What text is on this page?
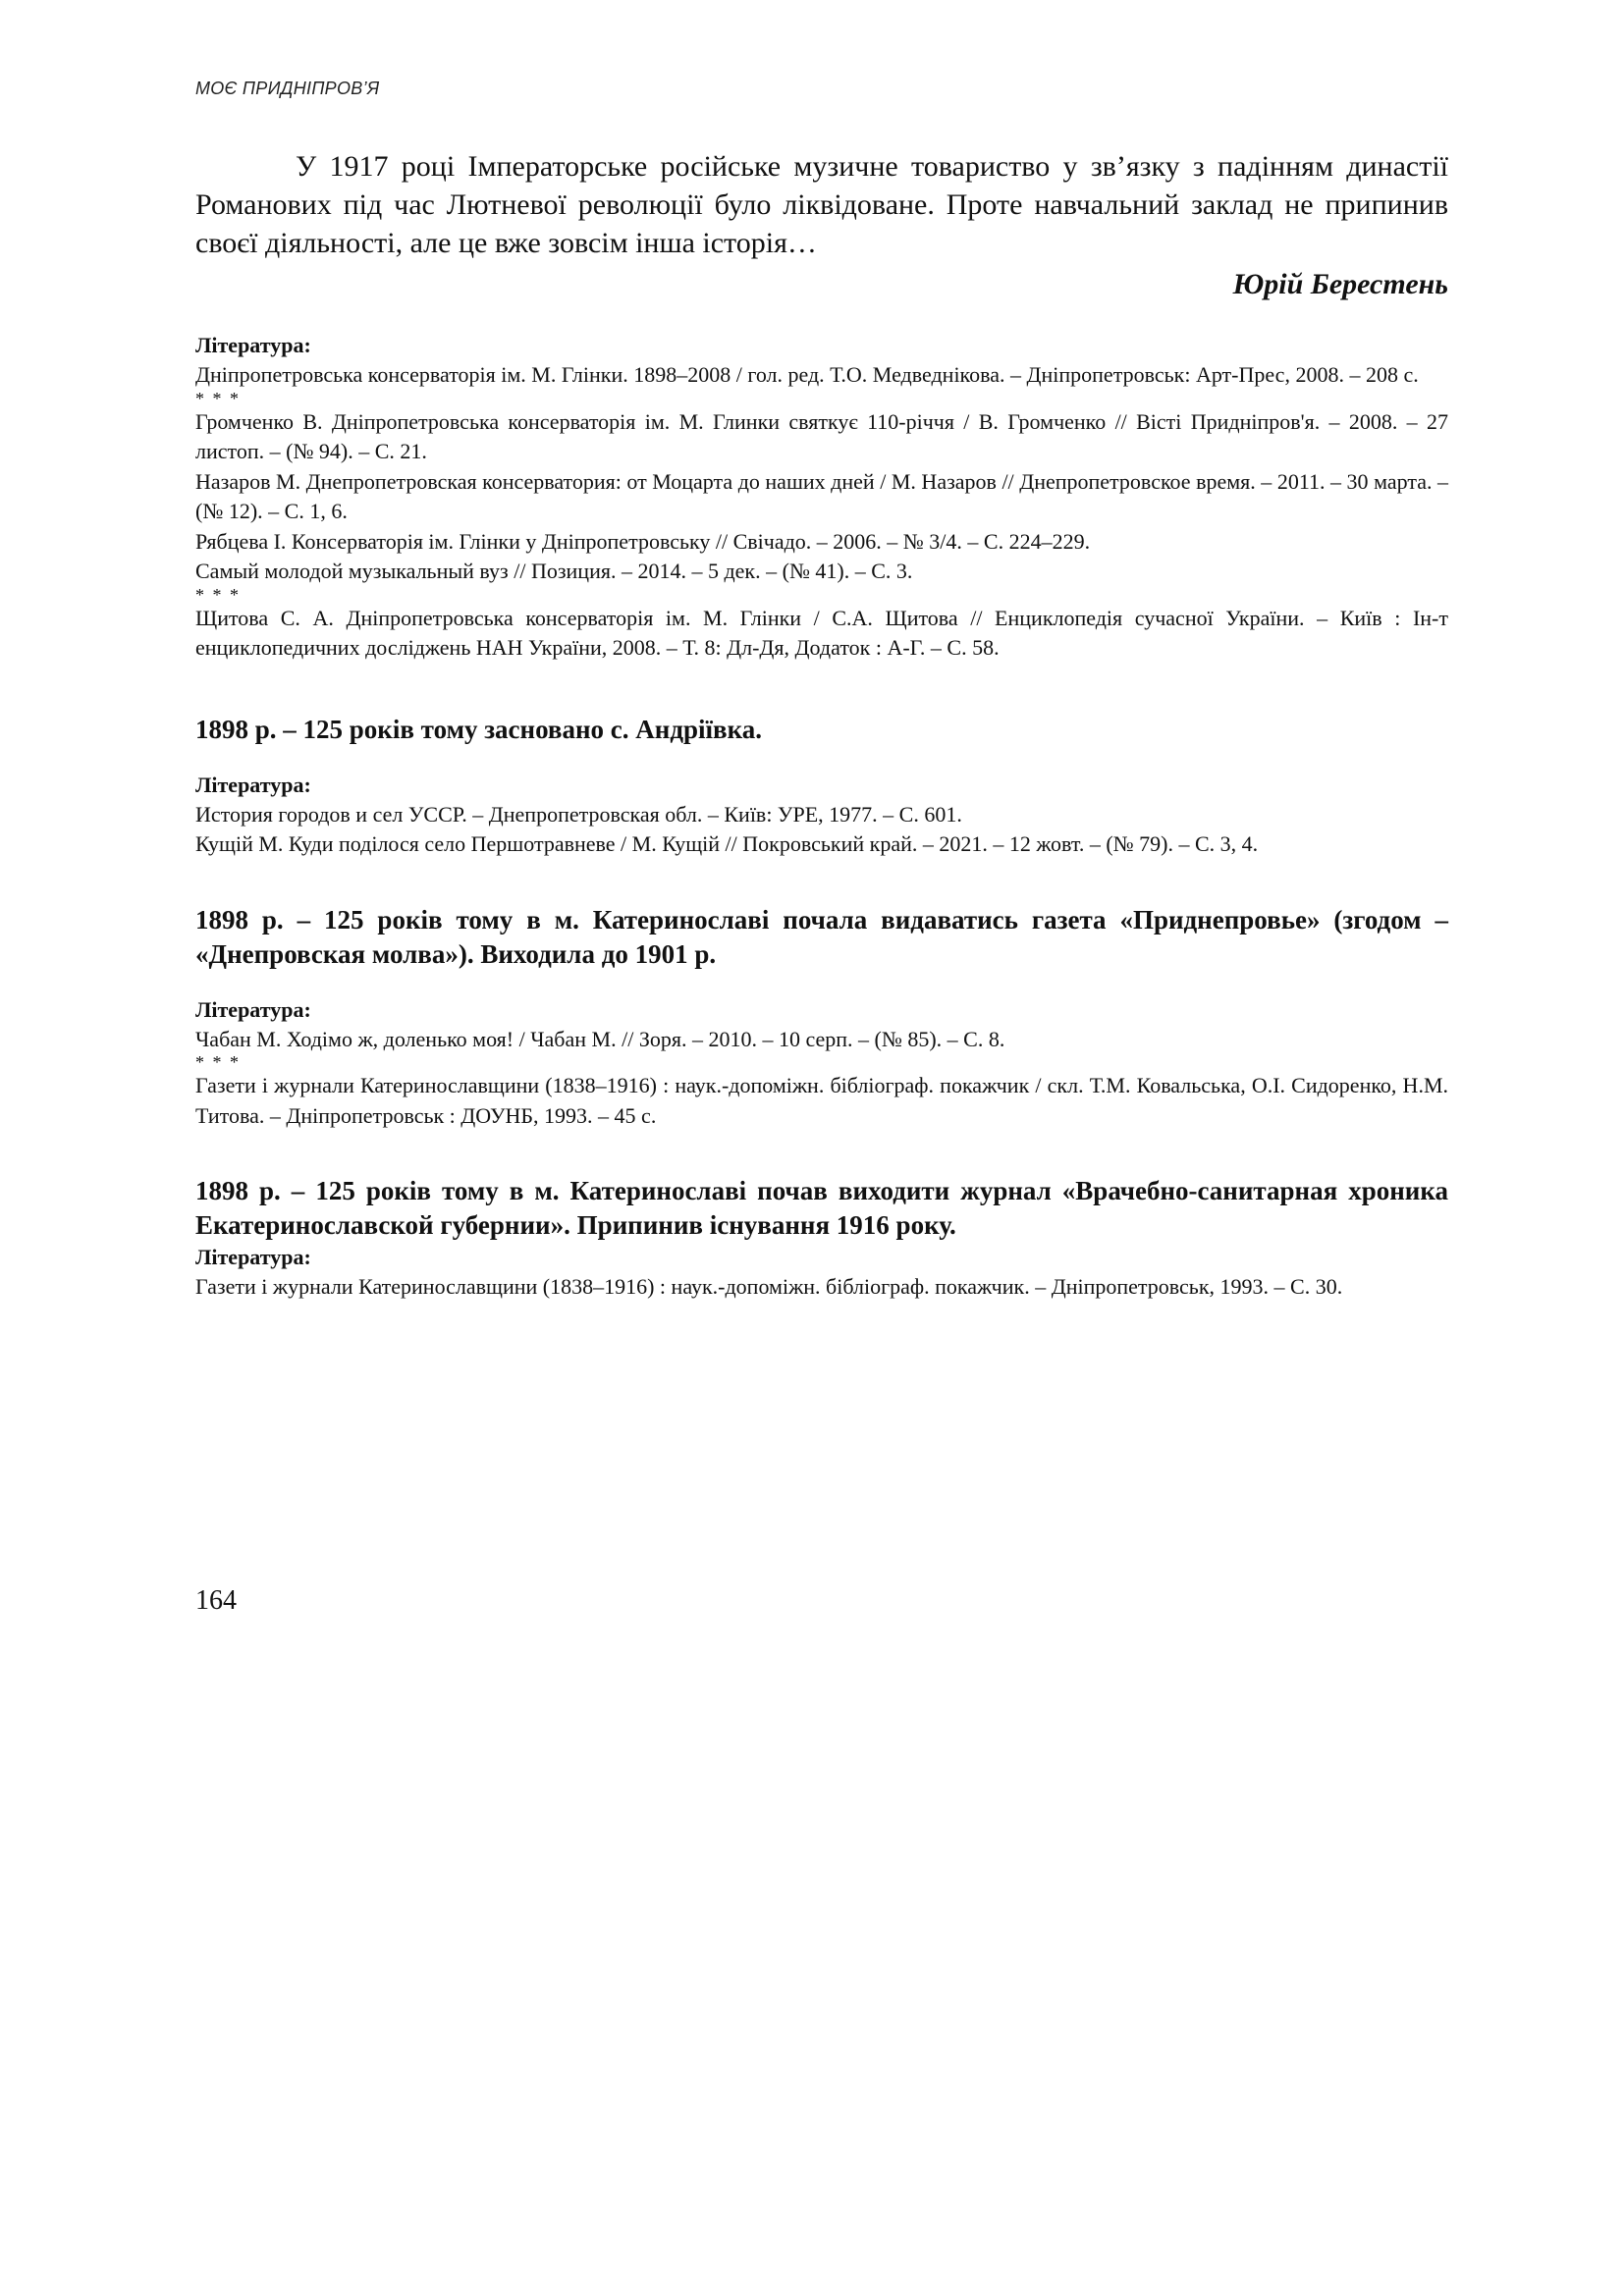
МОЄ ПРИДНІПРОВ’Я

У 1917 році Імператорське російське музичне товариство у зв’язку з падінням династії Романових під час Лютневої революції було ліквідоване. Проте навчальний заклад не припинив своєї діяльності, але це вже зовсім інша історія…

Юрій Берестень

Література:

Дніпропетровська консерваторія ім. М. Глінки. 1898–2008 / гол. ред. Т.О. Медведнікова. – Дніпропетровськ: Арт-Прес, 2008. – 208 с.

* * *

Громченко В. Дніпропетровська консерваторія ім. М. Глинки святкує 110-річчя / В. Громченко // Вісті Придніпров'я. – 2008. – 27 листоп. – (№ 94). – С. 21.

Назаров М. Днепропетровская консерватория: от Моцарта до наших дней / М. Назаров // Днепропетровское время. – 2011. – 30 марта. – (№ 12). – С. 1, 6.

Рябцева І. Консерваторія ім. Глінки у Дніпропетровську // Свічадо. – 2006. – № 3/4. – С. 224–229.

Самый молодой музыкальный вуз // Позиция. – 2014. – 5 дек. – (№ 41). – С. 3.

* * *

Щитова С. А. Дніпропетровська консерваторія ім. М. Глінки / С.А. Щитова // Енциклопедія сучасної України. – Київ : Ін-т енциклопедичних досліджень НАН України, 2008. – Т. 8: Дл-Дя, Додаток : А-Г. – С. 58.

1898 р. – 125 років тому засновано с. Андріївка.

Література:

История городов и сел УССР. – Днепропетровская обл. – Київ: УРЕ, 1977. – С. 601.

Кущій М. Куди поділося село Першотравневе / М. Кущій // Покровський край. – 2021. – 12 жовт. – (№ 79). – С. 3, 4.

1898 р. – 125 років тому в м. Катеринославі почала видаватись газета «Приднепровье» (згодом – «Днепровская молва»). Виходила до 1901 р.

Література:

Чабан М. Ходімо ж, доленько моя! / Чабан М. // Зоря. – 2010. – 10 серп. – (№ 85). – С. 8.

* * *

Газети і журнали Катеринославщини (1838–1916) : наук.-допоміжн. бібліограф. покажчик / скл. Т.М. Ковальська, О.І. Сидоренко, Н.М. Титова. – Дніпропетровськ : ДОУНБ, 1993. – 45 с.

1898 р. – 125 років тому в м. Катеринославі почав виходити журнал «Врачебно-санитарная хроника Екатеринославской губернии». Припинив існування 1916 року.

Література:

Газети і журнали Катеринославщини (1838–1916) : наук.-допоміжн. бібліограф. покажчик. – Дніпропетровськ, 1993. – С. 30.

164
